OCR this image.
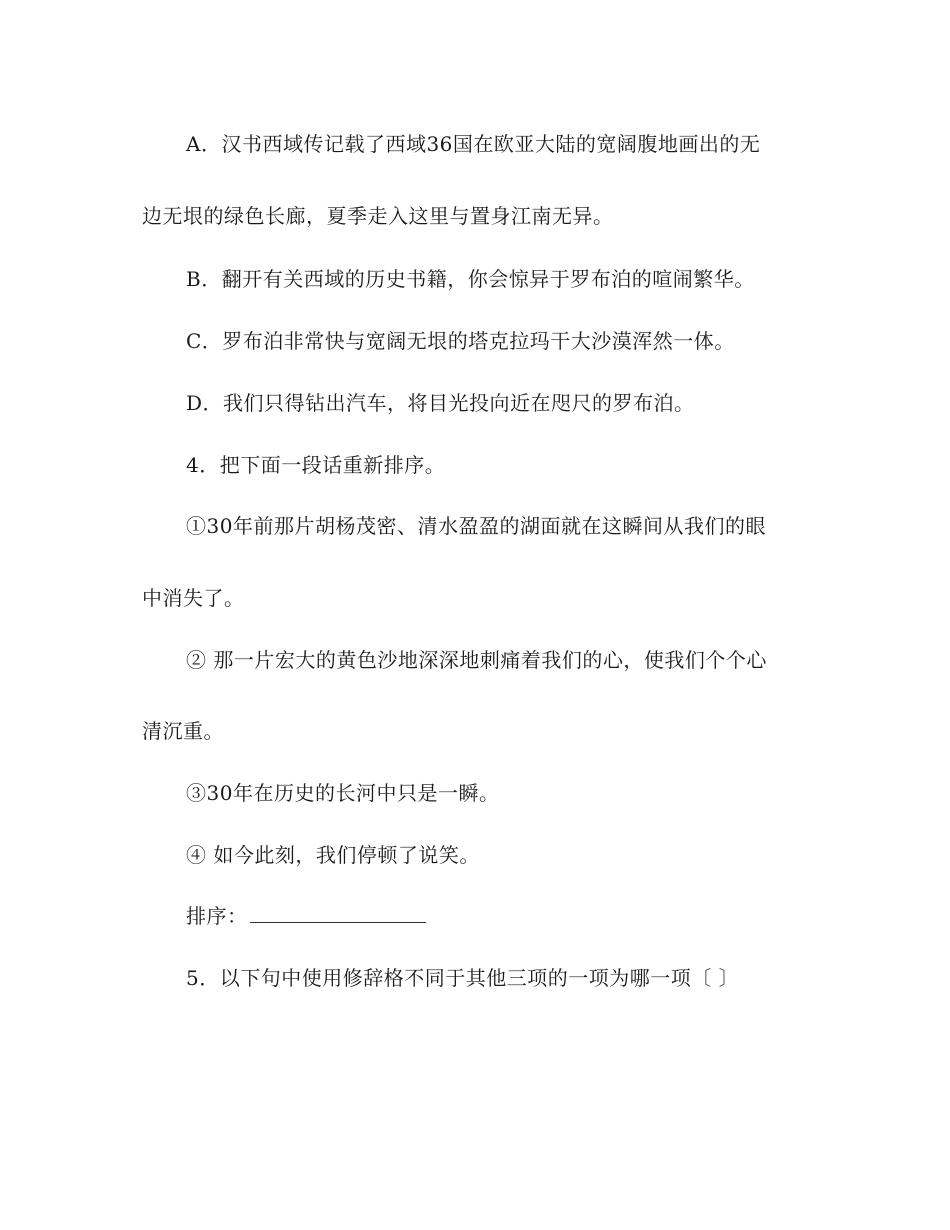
A．汉书西域传记载了西域36国在欧亚大陆的宽阔腹地画出的无
边无垠的绿色长廊，夏季走入这里与置身江南无异。
B．翻开有关西域的历史书籍，你会惊异于罗布泊的喧闹繁华。
C．罗布泊非常快与宽阔无垠的塔克拉玛干大沙漠浑然一体。
D．我们只得钻出汽车，将目光投向近在咫尺的罗布泊。
4．把下面一段话重新排序。
①30年前那片胡杨茂密、清水盈盈的湖面就在这瞬间从我们的眼
中消失了。
② 那一片宏大的黄色沙地深深地刺痛着我们的心，使我们个个心
清沉重。
③30年在历史的长河中只是一瞬。
④ 如今此刻，我们停顿了说笑。
排序：
5．以下句中使用修辞格不同于其他三项的一项为哪一项〔 〕
